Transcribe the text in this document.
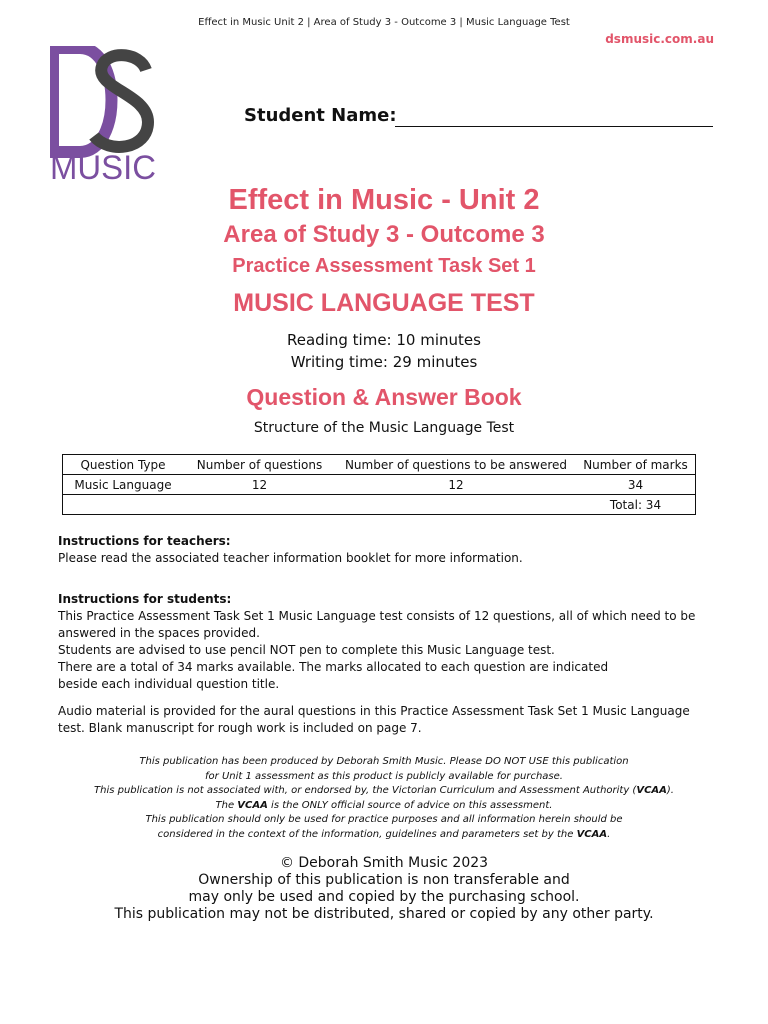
Effect in Music Unit 2 | Area of Study 3 - Outcome 3 | Music Language Test
dsmusic.com.au
MUSIC
Student Name:
Effect in Music - Unit 2
Area of Study 3 - Outcome 3
Practice Assessment Task Set 1
MUSIC LANGUAGE TEST
Reading time: 10 minutes
Writing time: 29 minutes
Question & Answer Book
Structure of the Music Language Test
Question Type	Number of questions	Number of questions to be answered	Number of marks
Music Language	12	12	34
			Total: 34
Instructions for teachers:
Please read the associated teacher information booklet for more information.
Instructions for students:
This Practice Assessment Task Set 1 Music Language test consists of 12 questions, all of which need to be answered in the spaces provided.
Students are advised to use pencil NOT pen to complete this Music Language test.
There are a total of 34 marks available. The marks allocated to each question are indicated
beside each individual question title.
Audio material is provided for the aural questions in this Practice Assessment Task Set 1 Music Language test. Blank manuscript for rough work is included on page 7.
This publication has been produced by Deborah Smith Music. Please DO NOT USE this publication
for Unit 1 assessment as this product is publicly available for purchase.
This publication is not associated with, or endorsed by, the Victorian Curriculum and Assessment Authority (VCAA).
The VCAA is the ONLY official source of advice on this assessment.
This publication should only be used for practice purposes and all information herein should be
considered in the context of the information, guidelines and parameters set by the VCAA.
© Deborah Smith Music 2023
Ownership of this publication is non transferable and
may only be used and copied by the purchasing school.
This publication may not be distributed, shared or copied by any other party.
